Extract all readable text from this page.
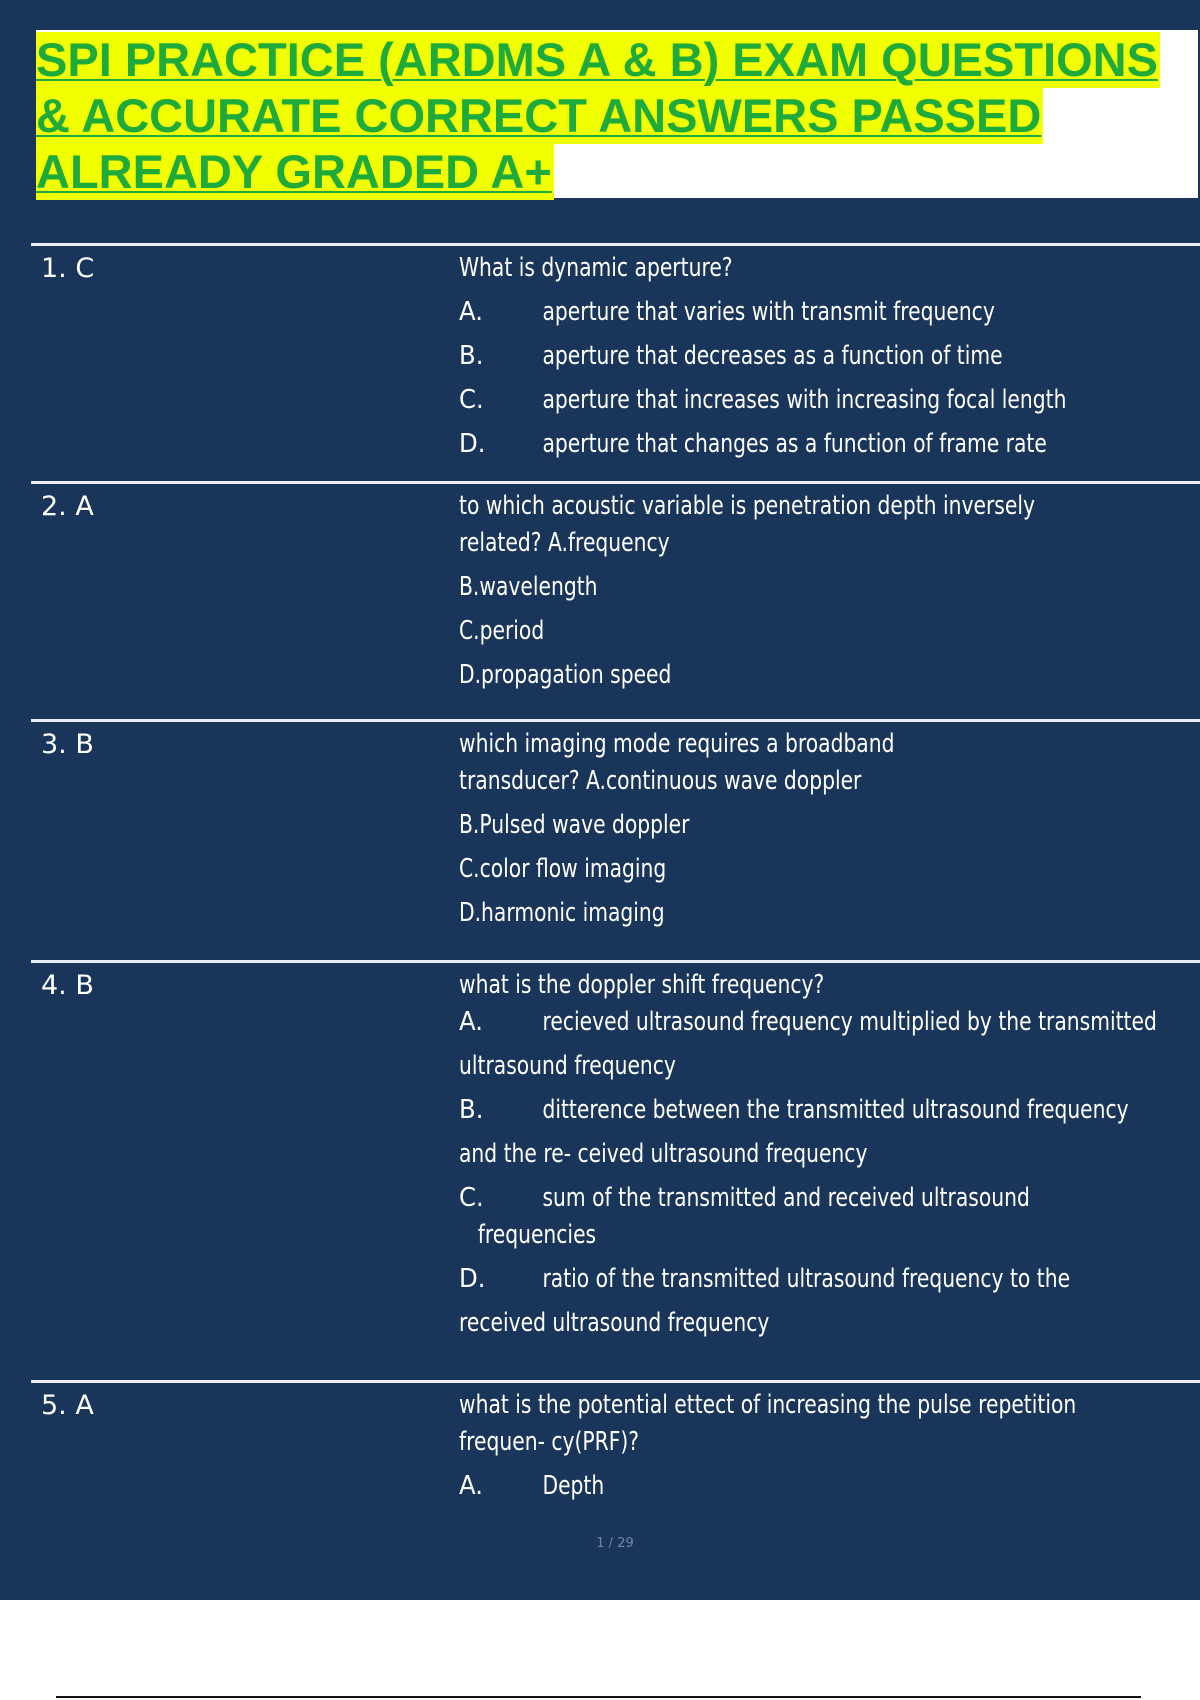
SPI PRACTICE (ARDMS A & B) EXAM QUESTIONS
& ACCURATE CORRECT ANSWERS PASSED
ALREADY GRADED A+
1. C	What is dynamic aperture?
A. aperture that varies with transmit frequency
B. aperture that decreases as a function of time
C. aperture that increases with increasing focal length
D. aperture that changes as a function of frame rate
2. A	to which acoustic variable is penetration depth inversely
related? A.frequency
B.wavelength
C.period
D.propagation speed
3. B	which imaging mode requires a broadband
transducer? A.continuous wave doppler
B.Pulsed wave doppler
C.color flow imaging
D.harmonic imaging
4. B	what is the doppler shift frequency?
A. recieved ultrasound frequency multiplied by the transmitted
ultrasound frequency
B. ditterence between the transmitted ultrasound frequency
and the re- ceived ultrasound frequency
C. sum of the transmitted and received ultrasound
frequencies
D. ratio of the transmitted ultrasound frequency to the
received ultrasound frequency
5. A	what is the potential ettect of increasing the pulse repetition
frequen- cy(PRF)?
A. Depth
1 / 29
